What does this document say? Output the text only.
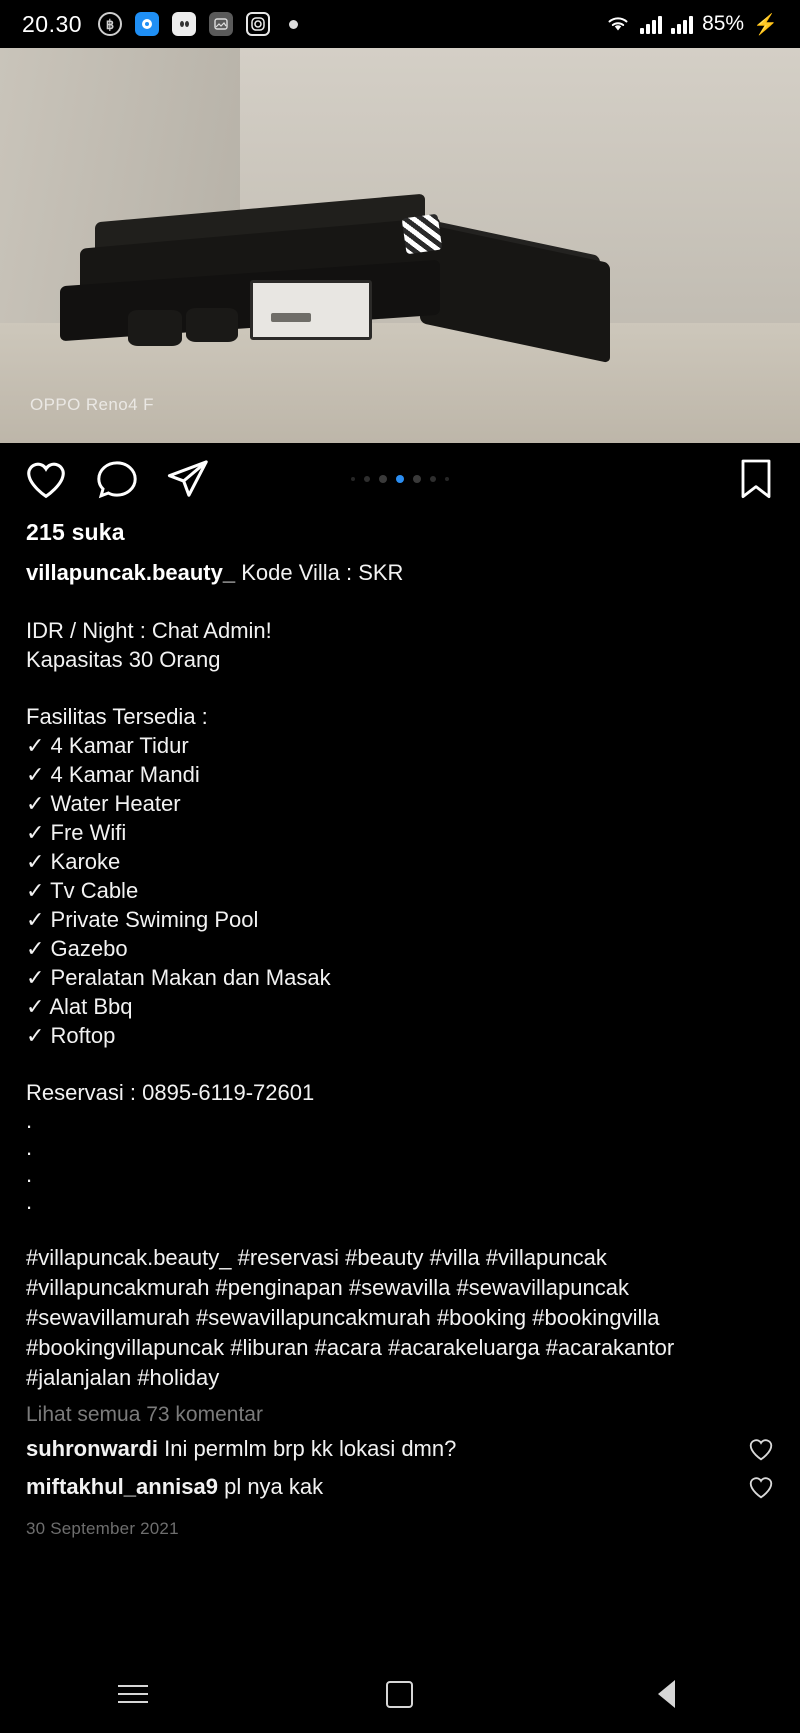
20.30	฿	85% ⚡
OPPO Reno4 F
215 suka
villapuncak.beauty_ Kode Villa : SKR
IDR / Night : Chat Admin!
Kapasitas 30 Orang
Fasilitas Tersedia :
✓ 4 Kamar Tidur
✓ 4 Kamar Mandi
✓ Water Heater
✓ Fre Wifi
✓ Karoke
✓ Tv Cable
✓ Private Swiming Pool
✓ Gazebo
✓ Peralatan Makan dan Masak
✓ Alat Bbq
✓ Roftop
Reservasi : 0895-6119-72601
.
.
.
.
#villapuncak.beauty_ #reservasi #beauty #villa #villapuncak #villapuncakmurah #penginapan #sewavilla #sewavillapuncak #sewavillamurah #sewavillapuncakmurah #booking #bookingvilla #bookingvillapuncak #liburan #acara #acarakeluarga #acarakantor #jalanjalan #holiday
Lihat semua 73 komentar
suhronwardi Ini permlm brp kk lokasi dmn?
miftakhul_annisa9 pl nya kak
30 September 2021
